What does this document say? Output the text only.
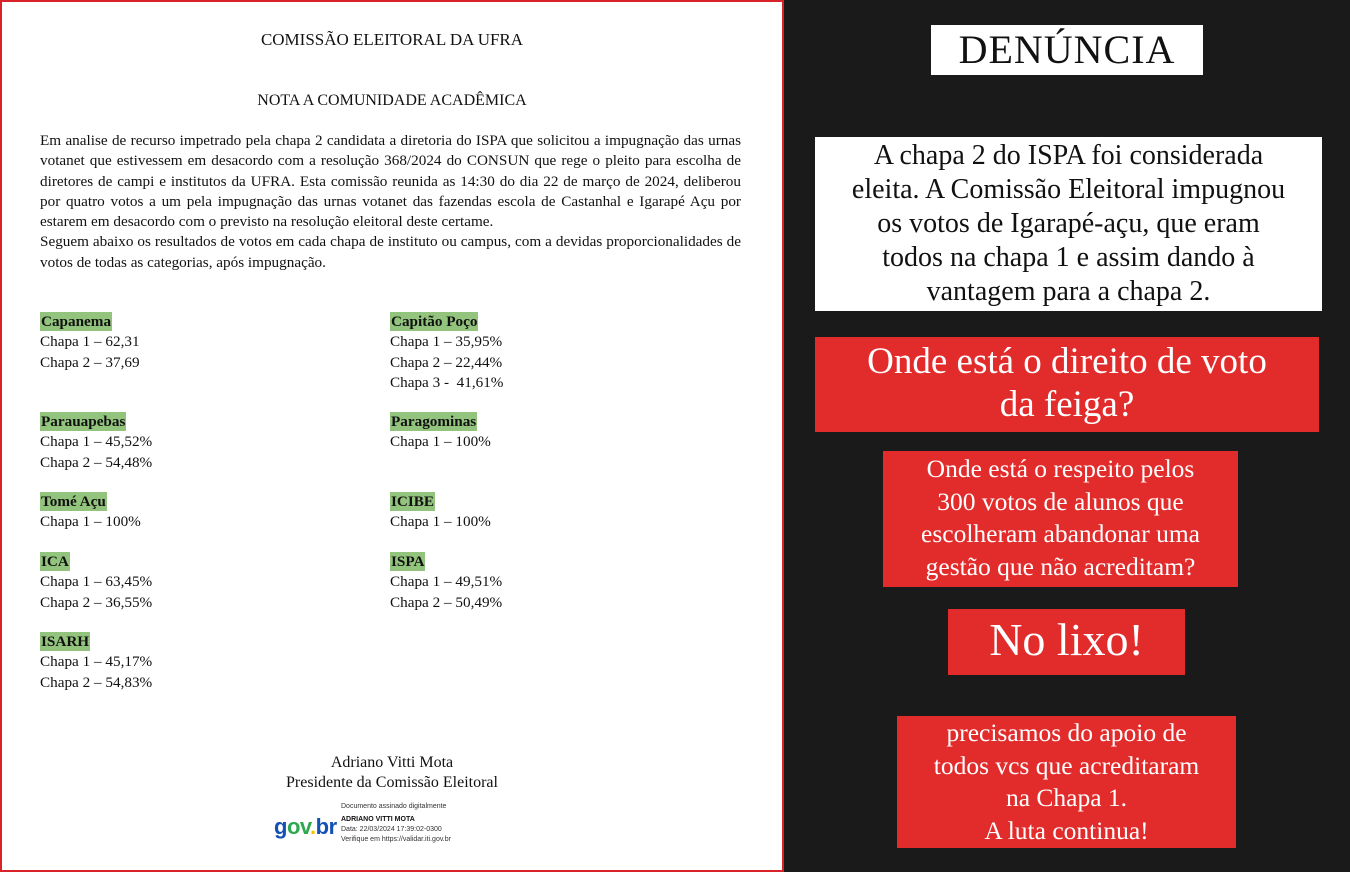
COMISSÃO ELEITORAL DA UFRA
NOTA A COMUNIDADE ACADÊMICA

Em analise de recurso impetrado pela chapa 2 candidata a diretoria do ISPA que solicitou a impugnação das urnas votanet que estivessem em desacordo com a resolução 368/2024 do CONSUN que rege o pleito para escolha de diretores de campi e institutos da UFRA. Esta comissão reunida as 14:30 do dia 22 de março de 2024, deliberou por quatro votos a um pela impugnação das urnas votanet das fazendas escola de Castanhal e Igarapé Açu por estarem em desacordo com o previsto na resolução eleitoral deste certame.

Seguem abaixo os resultados de votos em cada chapa de instituto ou campus, com a devidas proporcionalidades de votos de todas as categorias, após impugnação.

Capanema
Chapa 1 – 62,31
Chapa 2 – 37,69
Capitão Poço
Chapa 1 – 35,95%
Chapa 2 – 22,44%
Chapa 3 -  41,61%
Parauapebas
Chapa 1 – 45,52%
Chapa 2 – 54,48%
Paragominas
Chapa 1 – 100%
Tomé Açu
Chapa 1 – 100%
ICIBE
Chapa 1 – 100%
ICA
Chapa 1 – 63,45%
Chapa 2 – 36,55%
ISPA
Chapa 1 – 49,51%
Chapa 2 – 50,49%
ISARH
Chapa 1 – 45,17%
Chapa 2 – 54,83%
Adriano Vitti Mota
Presidente da Comissão Eleitoral
gov.br
Documento assinado digitalmente
ADRIANO VITTI MOTA
Data: 22/03/2024 17:39:02-0300
Verifique em https://validar.iti.gov.br
DENÚNCIA
A chapa 2 do ISPA foi considerada
eleita. A Comissão Eleitoral impugnou
os votos de Igarapé-açu, que eram
todos na chapa 1 e assim dando à
vantagem para a chapa 2.
Onde está o direito de voto
da feiga?
Onde está o respeito pelos
300 votos de alunos que
escolheram abandonar uma
gestão que não acreditam?
No lixo!
precisamos do apoio de
todos vcs que acreditaram
na Chapa 1.
A luta continua!
